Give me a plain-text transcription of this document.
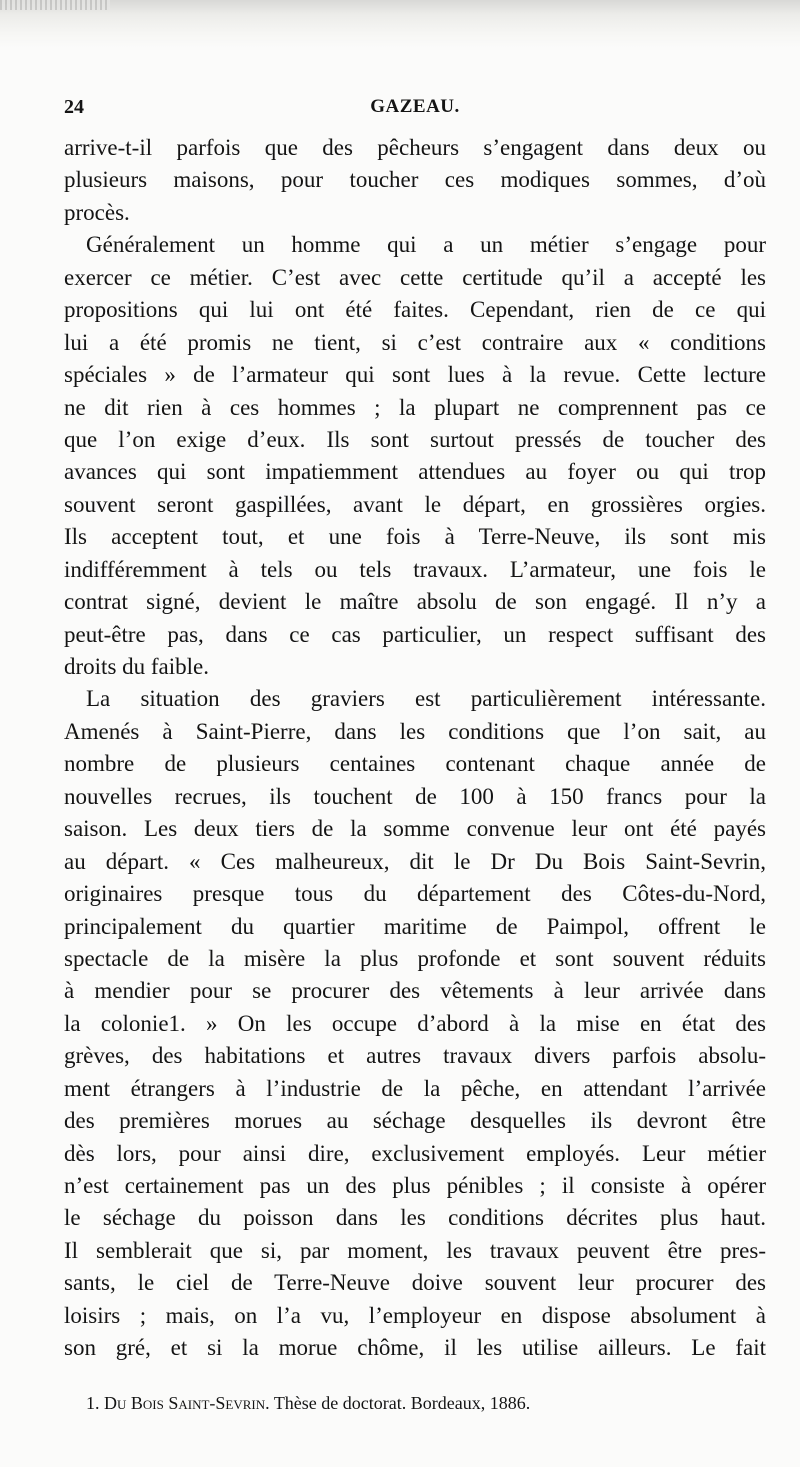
24	GAZEAU.
arrive-t-il parfois que des pêcheurs s’engagent dans deux ou
plusieurs maisons, pour toucher ces modiques sommes, d’où
procès.
Généralement un homme qui a un métier s’engage pour
exercer ce métier. C’est avec cette certitude qu’il a accepté les
propositions qui lui ont été faites. Cependant, rien de ce qui
lui a été promis ne tient, si c’est contraire aux « conditions
spéciales » de l’armateur qui sont lues à la revue. Cette lecture
ne dit rien à ces hommes ; la plupart ne comprennent pas ce
que l’on exige d’eux. Ils sont surtout pressés de toucher des
avances qui sont impatiemment attendues au foyer ou qui trop
souvent seront gaspillées, avant le départ, en grossières orgies.
Ils acceptent tout, et une fois à Terre-Neuve, ils sont mis
indifféremment à tels ou tels travaux. L’armateur, une fois le
contrat signé, devient le maître absolu de son engagé. Il n’y a
peut-être pas, dans ce cas particulier, un respect suffisant des
droits du faible.
La situation des graviers est particulièrement intéressante.
Amenés à Saint-Pierre, dans les conditions que l’on sait, au
nombre de plusieurs centaines contenant chaque année de
nouvelles recrues, ils touchent de 100 à 150 francs pour la
saison. Les deux tiers de la somme convenue leur ont été payés
au départ. « Ces malheureux, dit le Dr Du Bois Saint-Sevrin,
originaires presque tous du département des Côtes-du-Nord,
principalement du quartier maritime de Paimpol, offrent le
spectacle de la misère la plus profonde et sont souvent réduits
à mendier pour se procurer des vêtements à leur arrivée dans
la colonie1. » On les occupe d’abord à la mise en état des
grèves, des habitations et autres travaux divers parfois absolu-
ment étrangers à l’industrie de la pêche, en attendant l’arrivée
des premières morues au séchage desquelles ils devront être
dès lors, pour ainsi dire, exclusivement employés. Leur métier
n’est certainement pas un des plus pénibles ; il consiste à opérer
le séchage du poisson dans les conditions décrites plus haut.
Il semblerait que si, par moment, les travaux peuvent être pres-
sants, le ciel de Terre-Neuve doive souvent leur procurer des
loisirs ; mais, on l’a vu, l’employeur en dispose absolument à
son gré, et si la morue chôme, il les utilise ailleurs. Le fait
1. Du Bois Saint-Sevrin. Thèse de doctorat. Bordeaux, 1886.
